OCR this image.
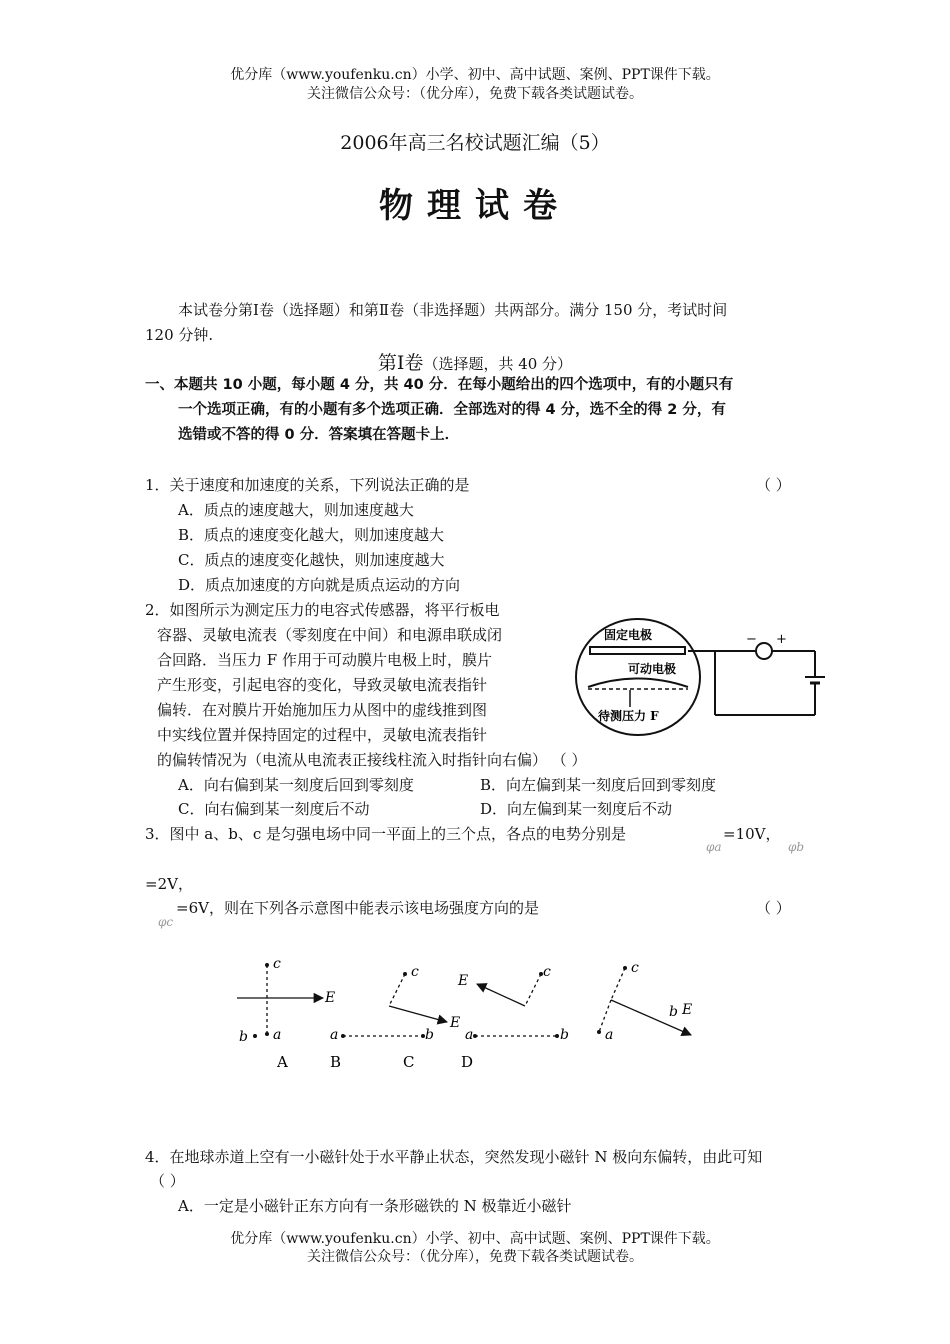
优分库（www.youfenku.cn）小学、初中、高中试题、案例、PPT课件下载。
关注微信公众号：（优分库），免费下载各类试题试卷。
2006年高三名校试题汇编（5）
物理试卷
本试卷分第Ⅰ卷（选择题）和第Ⅱ卷（非选择题）共两部分。满分 150 分，考试时间
120 分钟.
第Ⅰ卷（选择题，共 40 分）
一、本题共 10 小题，每小题 4 分，共 40 分．在每小题给出的四个选项中，有的小题只有
一个选项正确，有的小题有多个选项正确．全部选对的得 4 分，选不全的得 2 分，有
选错或不答的得 0 分．答案填在答题卡上．
1．关于速度和加速度的关系，下列说法正确的是	（ ）
A．质点的速度越大，则加速度越大
B．质点的速度变化越大，则加速度越大
C．质点的速度变化越快，则加速度越大
D．质点加速度的方向就是质点运动的方向
2．如图所示为测定压力的电容式传感器，将平行板电
容器、灵敏电流表（零刻度在中间）和电源串联成闭
合回路．当压力 F 作用于可动膜片电极上时，膜片
产生形变，引起电容的变化，导致灵敏电流表指针
偏转．在对膜片开始施加压力从图中的虚线推到图
中实线位置并保持固定的过程中，灵敏电流表指针
的偏转情况为（电流从电流表正接线柱流入时指针向右偏） （ ）
A．向右偏到某一刻度后回到零刻度	B．向左偏到某一刻度后回到零刻度
C．向右偏到某一刻度后不动	D．向左偏到某一刻度后不动
固定电极
可动电极
待测压力 F
− +
3．图中 a、b、c 是匀强电场中同一平面上的三个点，各点的电势分别是
φa
=10V，
φb
=2V，
φc
=6V，则在下列各示意图中能表示该电场强度方向的是	（ ）
c
a
b
E
a	b
c
E
a	b
c
E
c
a
b E
A	B	C	D
4．在地球赤道上空有一小磁针处于水平静止状态，突然发现小磁针 N 极向东偏转，由此可知
（ ）
A．一定是小磁针正东方向有一条形磁铁的 N 极靠近小磁针
优分库（www.youfenku.cn）小学、初中、高中试题、案例、PPT课件下载。
关注微信公众号：（优分库），免费下载各类试题试卷。
